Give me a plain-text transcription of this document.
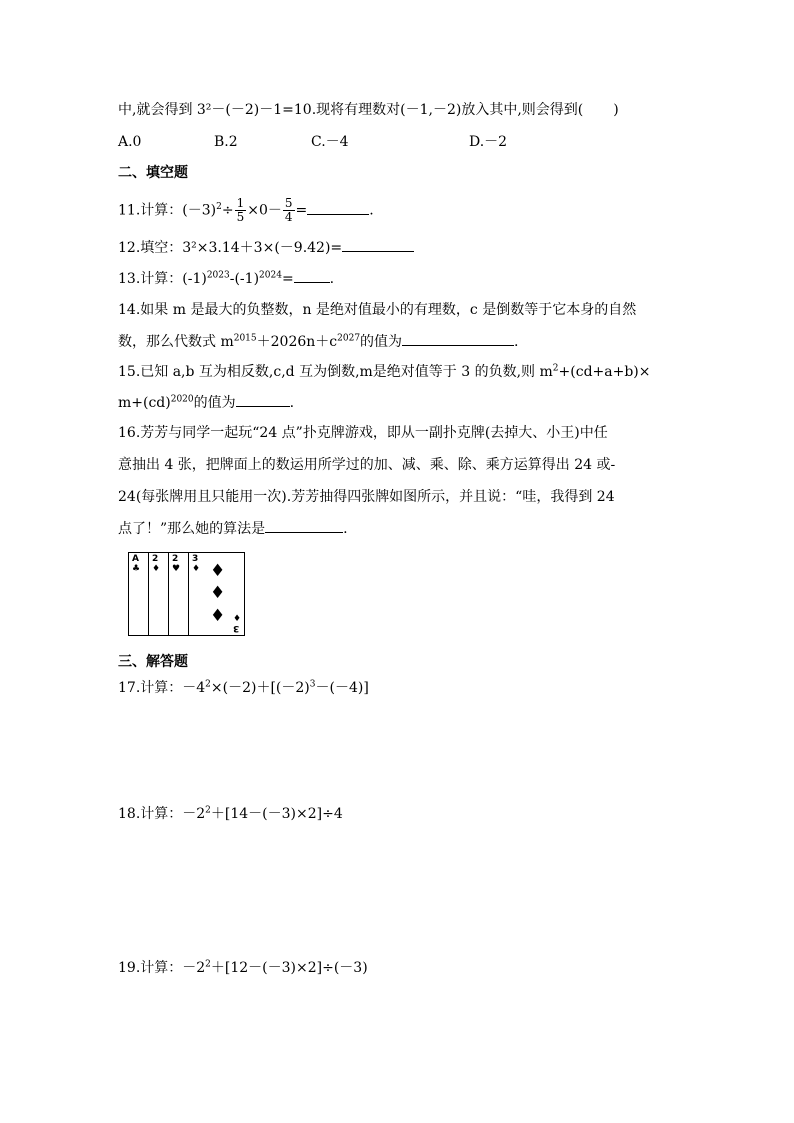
中,就会得到 3²－(－2)－1=10.现将有理数对(－1,－2)放入其中,则会得到( )
A.0	B.2	C.－4	D.－2
二、填空题
11.计算：$(-3)^2\div \frac{1}{5} \times 0- \frac{5}{4}$ =	.
12.填空：3²×3.14＋3×(－9.42)=
13.计算：$(-1)^{2023}-(-1)^{2024}=$	.
14.如果 m 是最大的负整数，n 是绝对值最小的有理数，c 是倒数等于它本身的自然
数，那么代数式 $m^{2015}+2026n+c^{2027}$的值为	.
15.已知 a,b 互为相反数,c,d 互为倒数,m是绝对值等于 3 的负数,则 $m^2+(cd+a+b)\times$
m+(cd)$^{2020}$的值为	.
16.芳芳与同学一起玩“24 点”扑克牌游戏，即从一副扑克牌(去掉大、小王)中任
意抽出 4 张，把牌面上的数运用所学过的加、减、乘、除、乘方运算得出 24 或-
24(每张牌用且只能用一次).芳芳抽得四张牌如图所示，并且说：“哇，我得到 24
点了！”那么她的算法是	.
A
♣
2
♦
2
♥
3
♦ ♦
♦
♦ ♦
3
三、解答题
17.计算：$-4^2\times(-2)+[(-2)^3-(-4)]$
18.计算：$-2^2+[14-(-3)\times 2]\div 4$
19.计算：$-2^2+[12-(-3)\times 2]\div(-3)$
